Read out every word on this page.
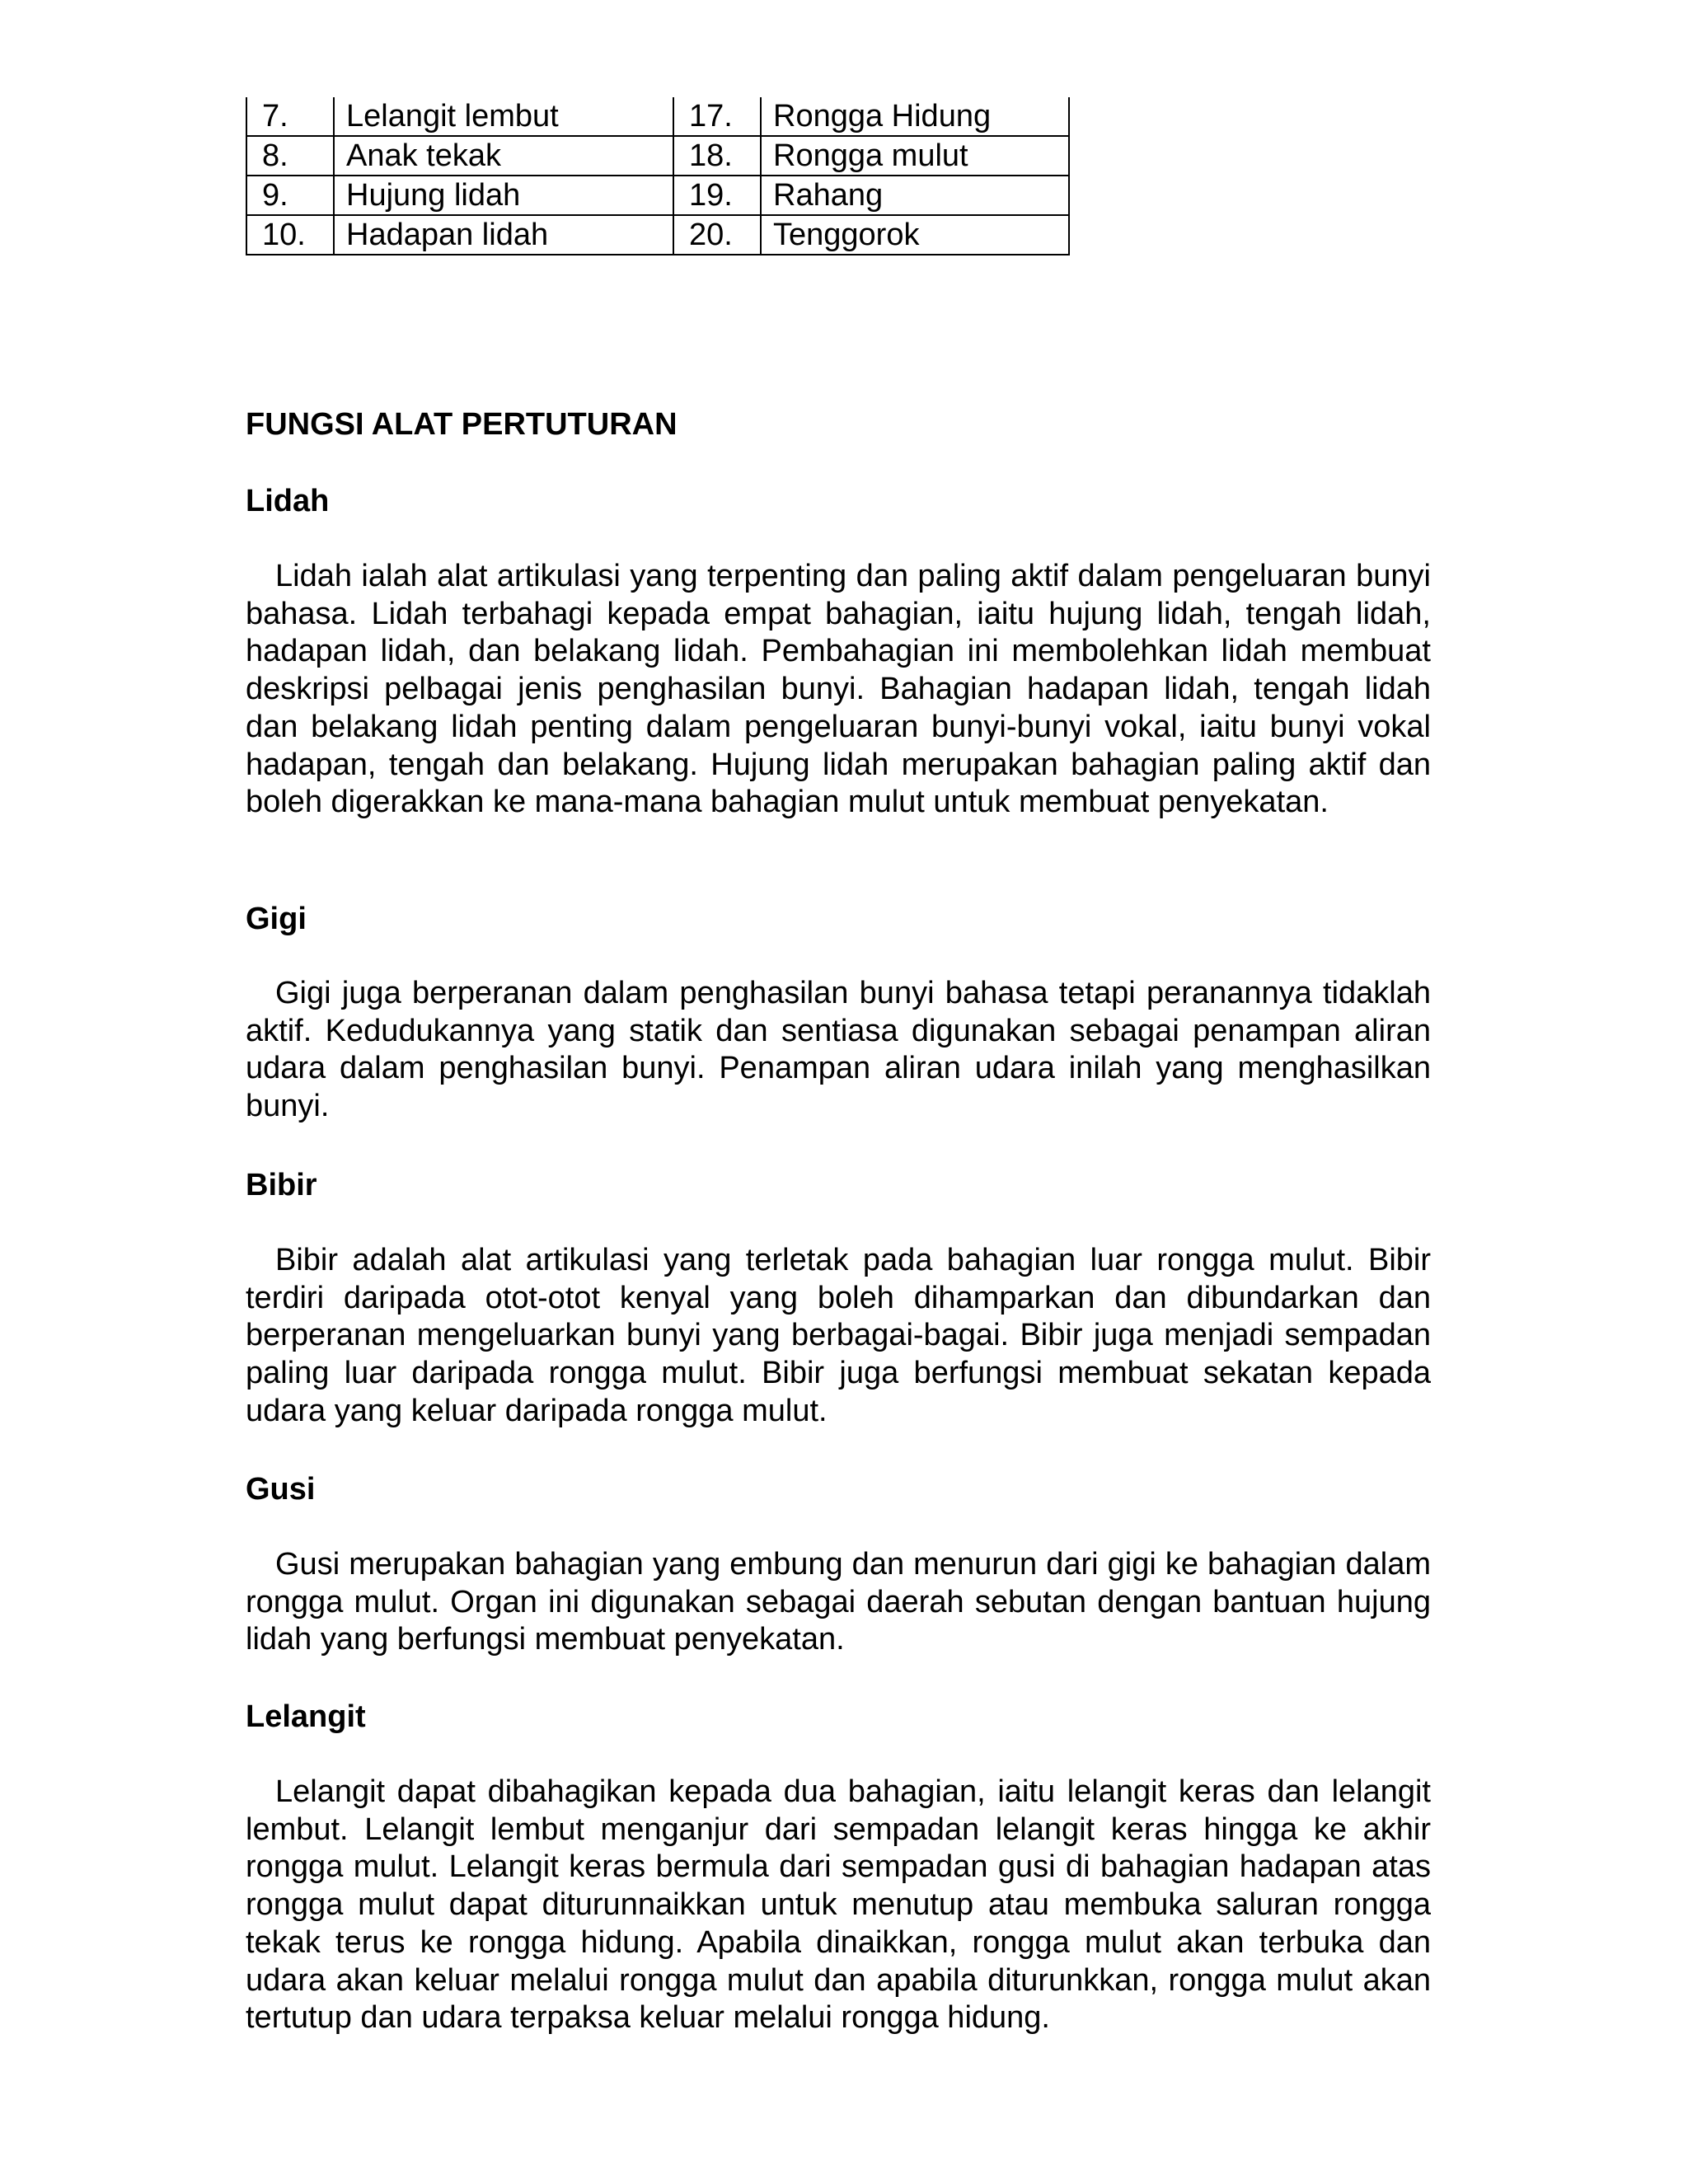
7.	Lelangit lembut	17.	Rongga Hidung
8.	Anak tekak	18.	Rongga mulut
9.	Hujung lidah	19.	Rahang
10.	Hadapan lidah	20.	Tenggorok
FUNGSI ALAT PERTUTURAN
Lidah

Lidah ialah alat artikulasi yang terpenting dan paling aktif dalam pengeluaran bunyi bahasa. Lidah terbahagi kepada empat bahagian, iaitu hujung lidah, tengah lidah, hadapan lidah, dan belakang lidah. Pembahagian ini membolehkan lidah membuat deskripsi pelbagai jenis penghasilan bunyi. Bahagian hadapan lidah, tengah lidah dan belakang lidah penting dalam pengeluaran bunyi-bunyi vokal, iaitu bunyi vokal hadapan, tengah dan belakang. Hujung lidah merupakan bahagian paling aktif dan boleh digerakkan ke mana-mana bahagian mulut untuk membuat penyekatan.

Gigi

Gigi juga berperanan dalam penghasilan bunyi bahasa tetapi peranannya tidaklah aktif. Kedudukannya yang statik dan sentiasa digunakan sebagai penampan aliran udara dalam penghasilan bunyi. Penampan aliran udara inilah yang menghasilkan bunyi.

Bibir

Bibir adalah alat artikulasi yang terletak pada bahagian luar rongga mulut. Bibir terdiri daripada otot-otot kenyal yang boleh dihamparkan dan dibundarkan dan berperanan mengeluarkan bunyi yang berbagai-bagai. Bibir juga menjadi sempadan paling luar daripada rongga mulut. Bibir juga berfungsi membuat sekatan kepada udara yang keluar daripada rongga mulut.

Gusi

Gusi merupakan bahagian yang embung dan menurun dari gigi ke bahagian dalam rongga mulut. Organ ini digunakan sebagai daerah sebutan dengan bantuan hujung lidah yang berfungsi membuat penyekatan.

Lelangit

Lelangit dapat dibahagikan kepada dua bahagian, iaitu lelangit keras dan lelangit lembut. Lelangit lembut menganjur dari sempadan lelangit keras hingga ke akhir rongga mulut. Lelangit keras bermula dari sempadan gusi di bahagian hadapan atas rongga mulut dapat diturunnaikkan untuk menutup atau membuka saluran rongga tekak terus ke rongga hidung. Apabila dinaikkan, rongga mulut akan terbuka dan udara akan keluar melalui rongga mulut dan apabila diturunkkan, rongga mulut akan tertutup dan udara terpaksa keluar melalui rongga hidung.
